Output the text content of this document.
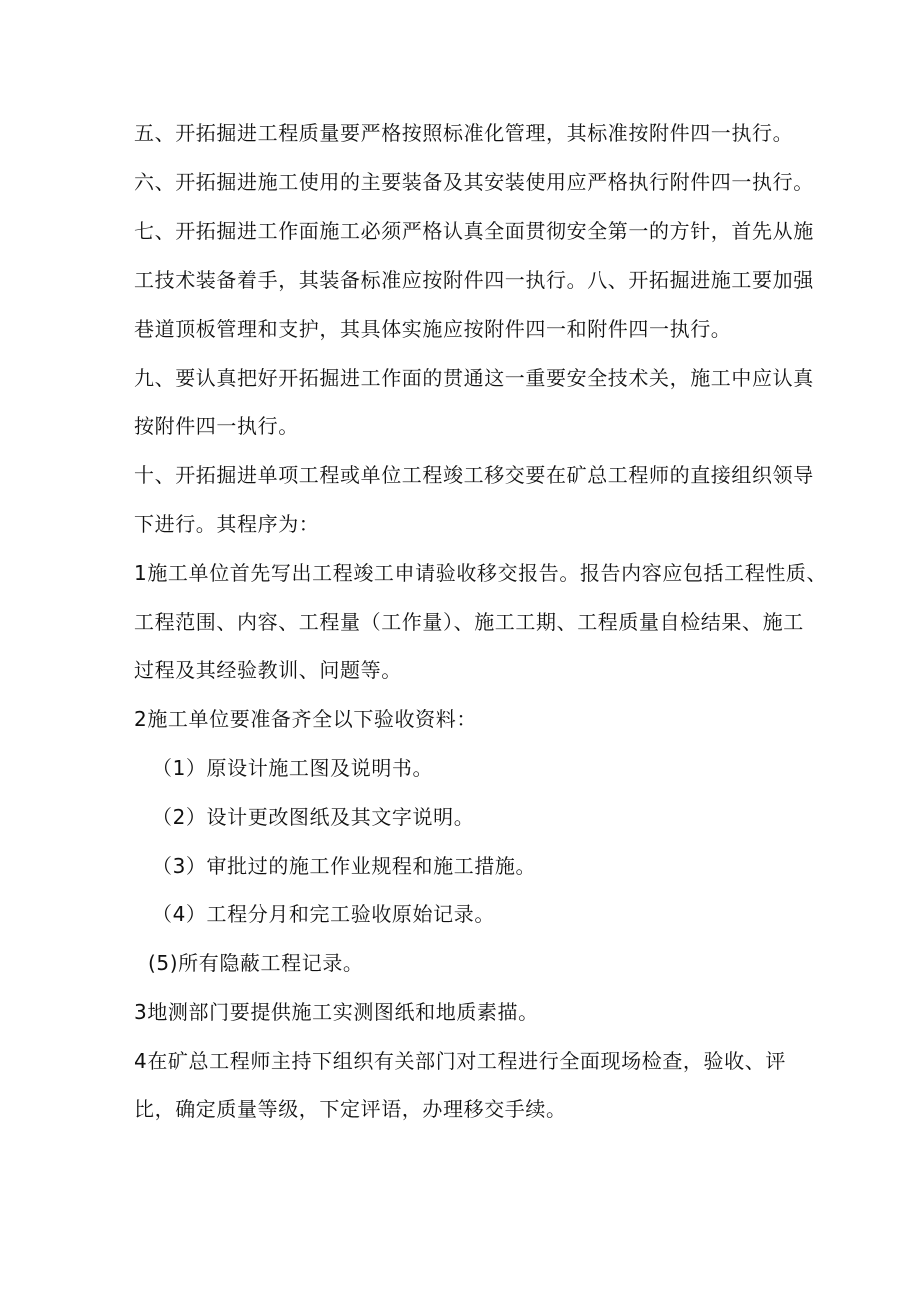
五、开拓掘进工程质量要严格按照标准化管理，其标准按附件四一执行。
六、开拓掘进施工使用的主要装备及其安装使用应严格执行附件四一执行。
七、开拓掘进工作面施工必须严格认真全面贯彻安全第一的方针，首先从施
工技术装备着手，其装备标准应按附件四一执行。八、开拓掘进施工要加强
巷道顶板管理和支护，其具体实施应按附件四一和附件四一执行。
九、要认真把好开拓掘进工作面的贯通这一重要安全技术关，施工中应认真
按附件四一执行。
十、开拓掘进单项工程或单位工程竣工移交要在矿总工程师的直接组织领导
下进行。其程序为：
1施工单位首先写出工程竣工申请验收移交报告。报告内容应包括工程性质、
工程范围、内容、工程量（工作量）、施工工期、工程质量自检结果、施工
过程及其经验教训、问题等。
2施工单位要准备齐全以下验收资料：
（1）原设计施工图及说明书。
（2）设计更改图纸及其文字说明。
（3）审批过的施工作业规程和施工措施。
（4）工程分月和完工验收原始记录。
(5)所有隐蔽工程记录。
3地测部门要提供施工实测图纸和地质素描。
4在矿总工程师主持下组织有关部门对工程进行全面现场检查，验收、评
比，确定质量等级，下定评语，办理移交手续。
